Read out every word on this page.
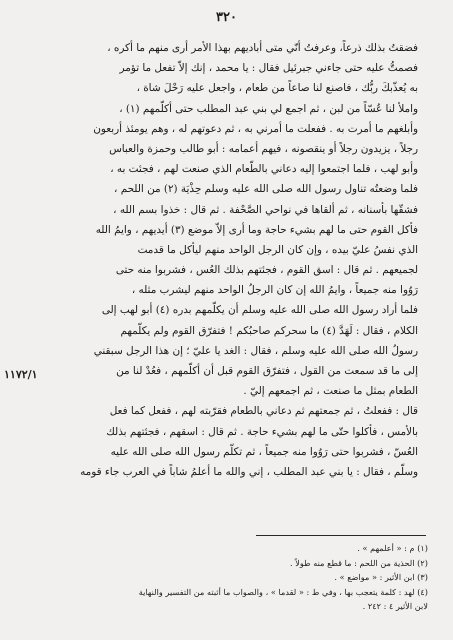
٣٢٠
١١٧٢/١
فضقتُ بذلك ذرعاً، وعرفتُ أنّي متى أباديهم بهذا الأمر أرى منهم ما أكره ،
فصمتُّ عليه حتى جاءني جبرئيل فقال : يا محمد ، إنك إلاّ تفعل ما تؤمر
به يُعذّبكَ ربُّك ، فاصنع لنا صاعاً من طعام ، واجعل عليه رَحْلَ شاة ،
واملأ لنا عُسّاً من لبن ، ثم اجمع لي بني عبد المطلب حتى أكلّمهم (١) ،
وأبلغهم ما أمرت به . ففعلت ما أمرني به ، ثم دعوتهم له ، وهم يومئذ أربعون
رجلاً ، يزيدون رجلاً أو ينقصونه ، فيهم أعمامه : أبو طالب وحمزة والعباس
وأبو لهب ، فلما اجتمعوا إليه دعاني بالطّعام الذي صنعت لهم ، فجئت به ،
فلما وضعتُه تناول رسول الله صلى الله عليه وسلم حِذْيَة (٢) من اللحم ،
فشقّها بأسنانه ، ثم ألقاها في نواحي الصَّحْفة . ثم قال : خذوا بسم الله ،
فأكل القوم حتى ما لهم بشيء حاجة وما أرى إلاّ موضع (٣) أيديهم ، وايمُ الله
الذي نفسُ عليّ بيده ، وإن كان الرجل الواحد منهم ليأكل ما قدمت
لجميعهم . ثم قال : اسق القوم ، فجئتهم بذلك العُس ، فشربوا منه حتى
رَوُوا منه جميعاً ، وايمُ الله إن كان الرجلُ الواحد منهم ليشرب مثله ،
فلما أراد رسول الله صلى الله عليه وسلم أن يكلّمهم بدره (٤) أبو لهب إلى
الكلام ، فقال : لَهَدَّ (٤) ما سحركم صاحبُكم ! فتفرّق القوم ولم يكلّمهم
رسولُ الله صلى الله عليه وسلم ، فقال : الغد يا عليّ ؛ إن هذا الرجل سبقني
إلى ما قد سمعت من القول ، فتفرّق القوم قبل أن أكلّمهم ، فعُدْ لنا من
الطعام بمثل ما صنعت ، ثم اجمعهم إليّ .
قال : ففعلتُ ، ثم جمعتهم ثم دعاني بالطعام فقرّبته لهم ، ففعل كما فعل
بالأمس ، فأكلوا حتّى ما لهم بشيء حاجة . ثم قال : اسقهم ، فجئتهم بذلك
العُسّ ، فشربوا حتى رَوُوا منه جميعاً ، ثم تكلّم رسول الله صلى الله عليه
وسلّم ، فقال : يا بني عبد المطلب ، إني والله ما أعلمُ شاباً في العرب جاء قومه
(١) م : « أعلمهم » .
(٢) الحذية من اللحم : ما قطع منه طولاً .
(٣) ابن الأثير : « مواضع » .
(٤) لهد : كلمة يتعجب بها ، وفي ط : « لقدما » ، والصواب ما أثبته من التفسير والنهاية
لابن الأثير ٤ : ٢٤٢ .
